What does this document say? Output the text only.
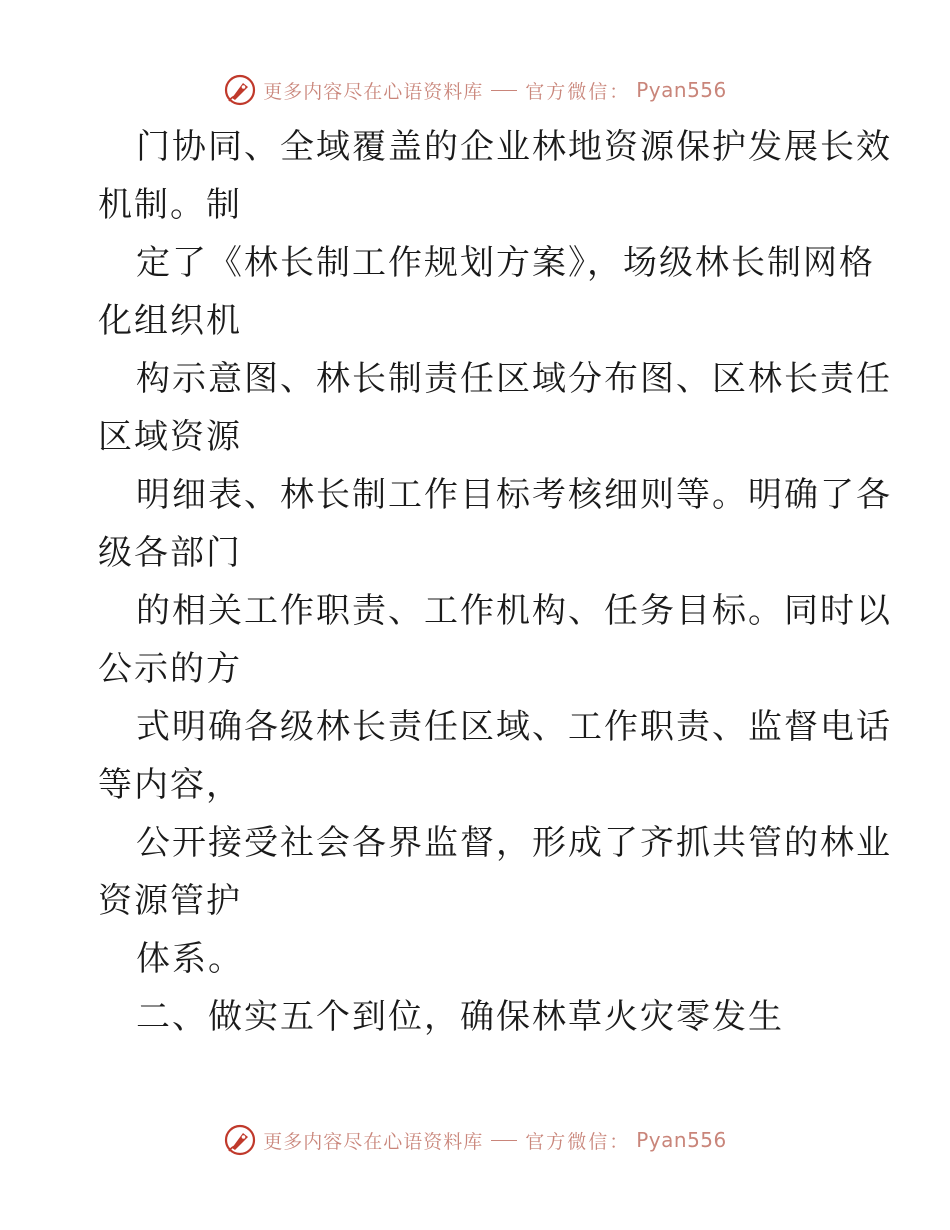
更多内容尽在心语资料库 官方微信： Pyan556
门协同、全域覆盖的企业林地资源保护发展长效
机制。制
定了《林长制工作规划方案》，场级林长制网格
化组织机
构示意图、林长制责任区域分布图、区林长责任
区域资源
明细表、林长制工作目标考核细则等。明确了各
级各部门
的相关工作职责、工作机构、任务目标。同时以
公示的方
式明确各级林长责任区域、工作职责、监督电话
等内容，
公开接受社会各界监督，形成了齐抓共管的林业
资源管护
体系。
二、做实五个到位，确保林草火灾零发生
更多内容尽在心语资料库 官方微信： Pyan556
